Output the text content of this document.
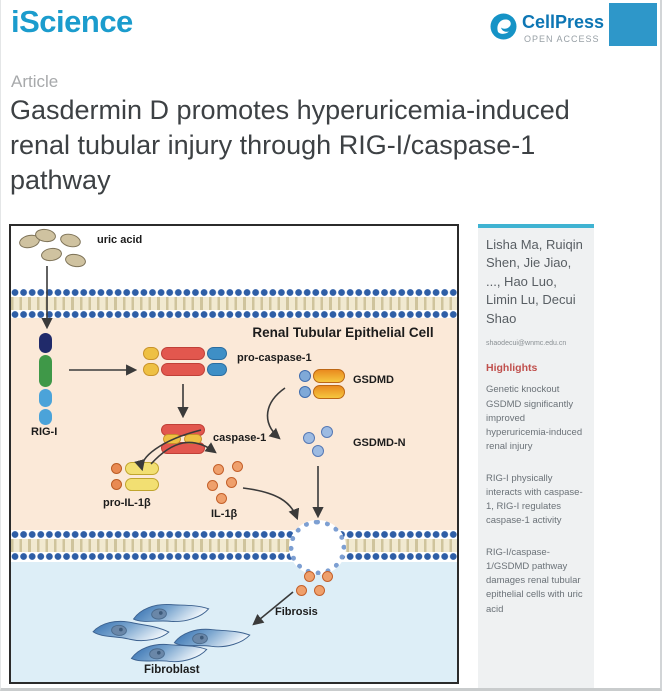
iScience	CellPress
OPEN ACCESS
Article
Gasdermin D promotes hyperuricemia-induced renal tubular injury through RIG-I/caspase-1 pathway
Renal Tubular Epithelial Cell
uric acid
RIG-I
pro-caspase-1
caspase-1
GSDMD
GSDMD-N
pro-IL-1β
IL-1β
Fibrosis
Fibroblast
Lisha Ma, Ruiqin Shen, Jie Jiao, ..., Hao Luo, Limin Lu, Decui Shao
shaodecui@wnmc.edu.cn
Highlights

Genetic knockout GSDMD significantly improved hyperuricemia-induced renal injury

RIG-I physically interacts with caspase-1, RIG-I regulates caspase-1 activity

RIG-I/caspase-1/GSDMD pathway damages renal tubular epithelial cells with uric acid
